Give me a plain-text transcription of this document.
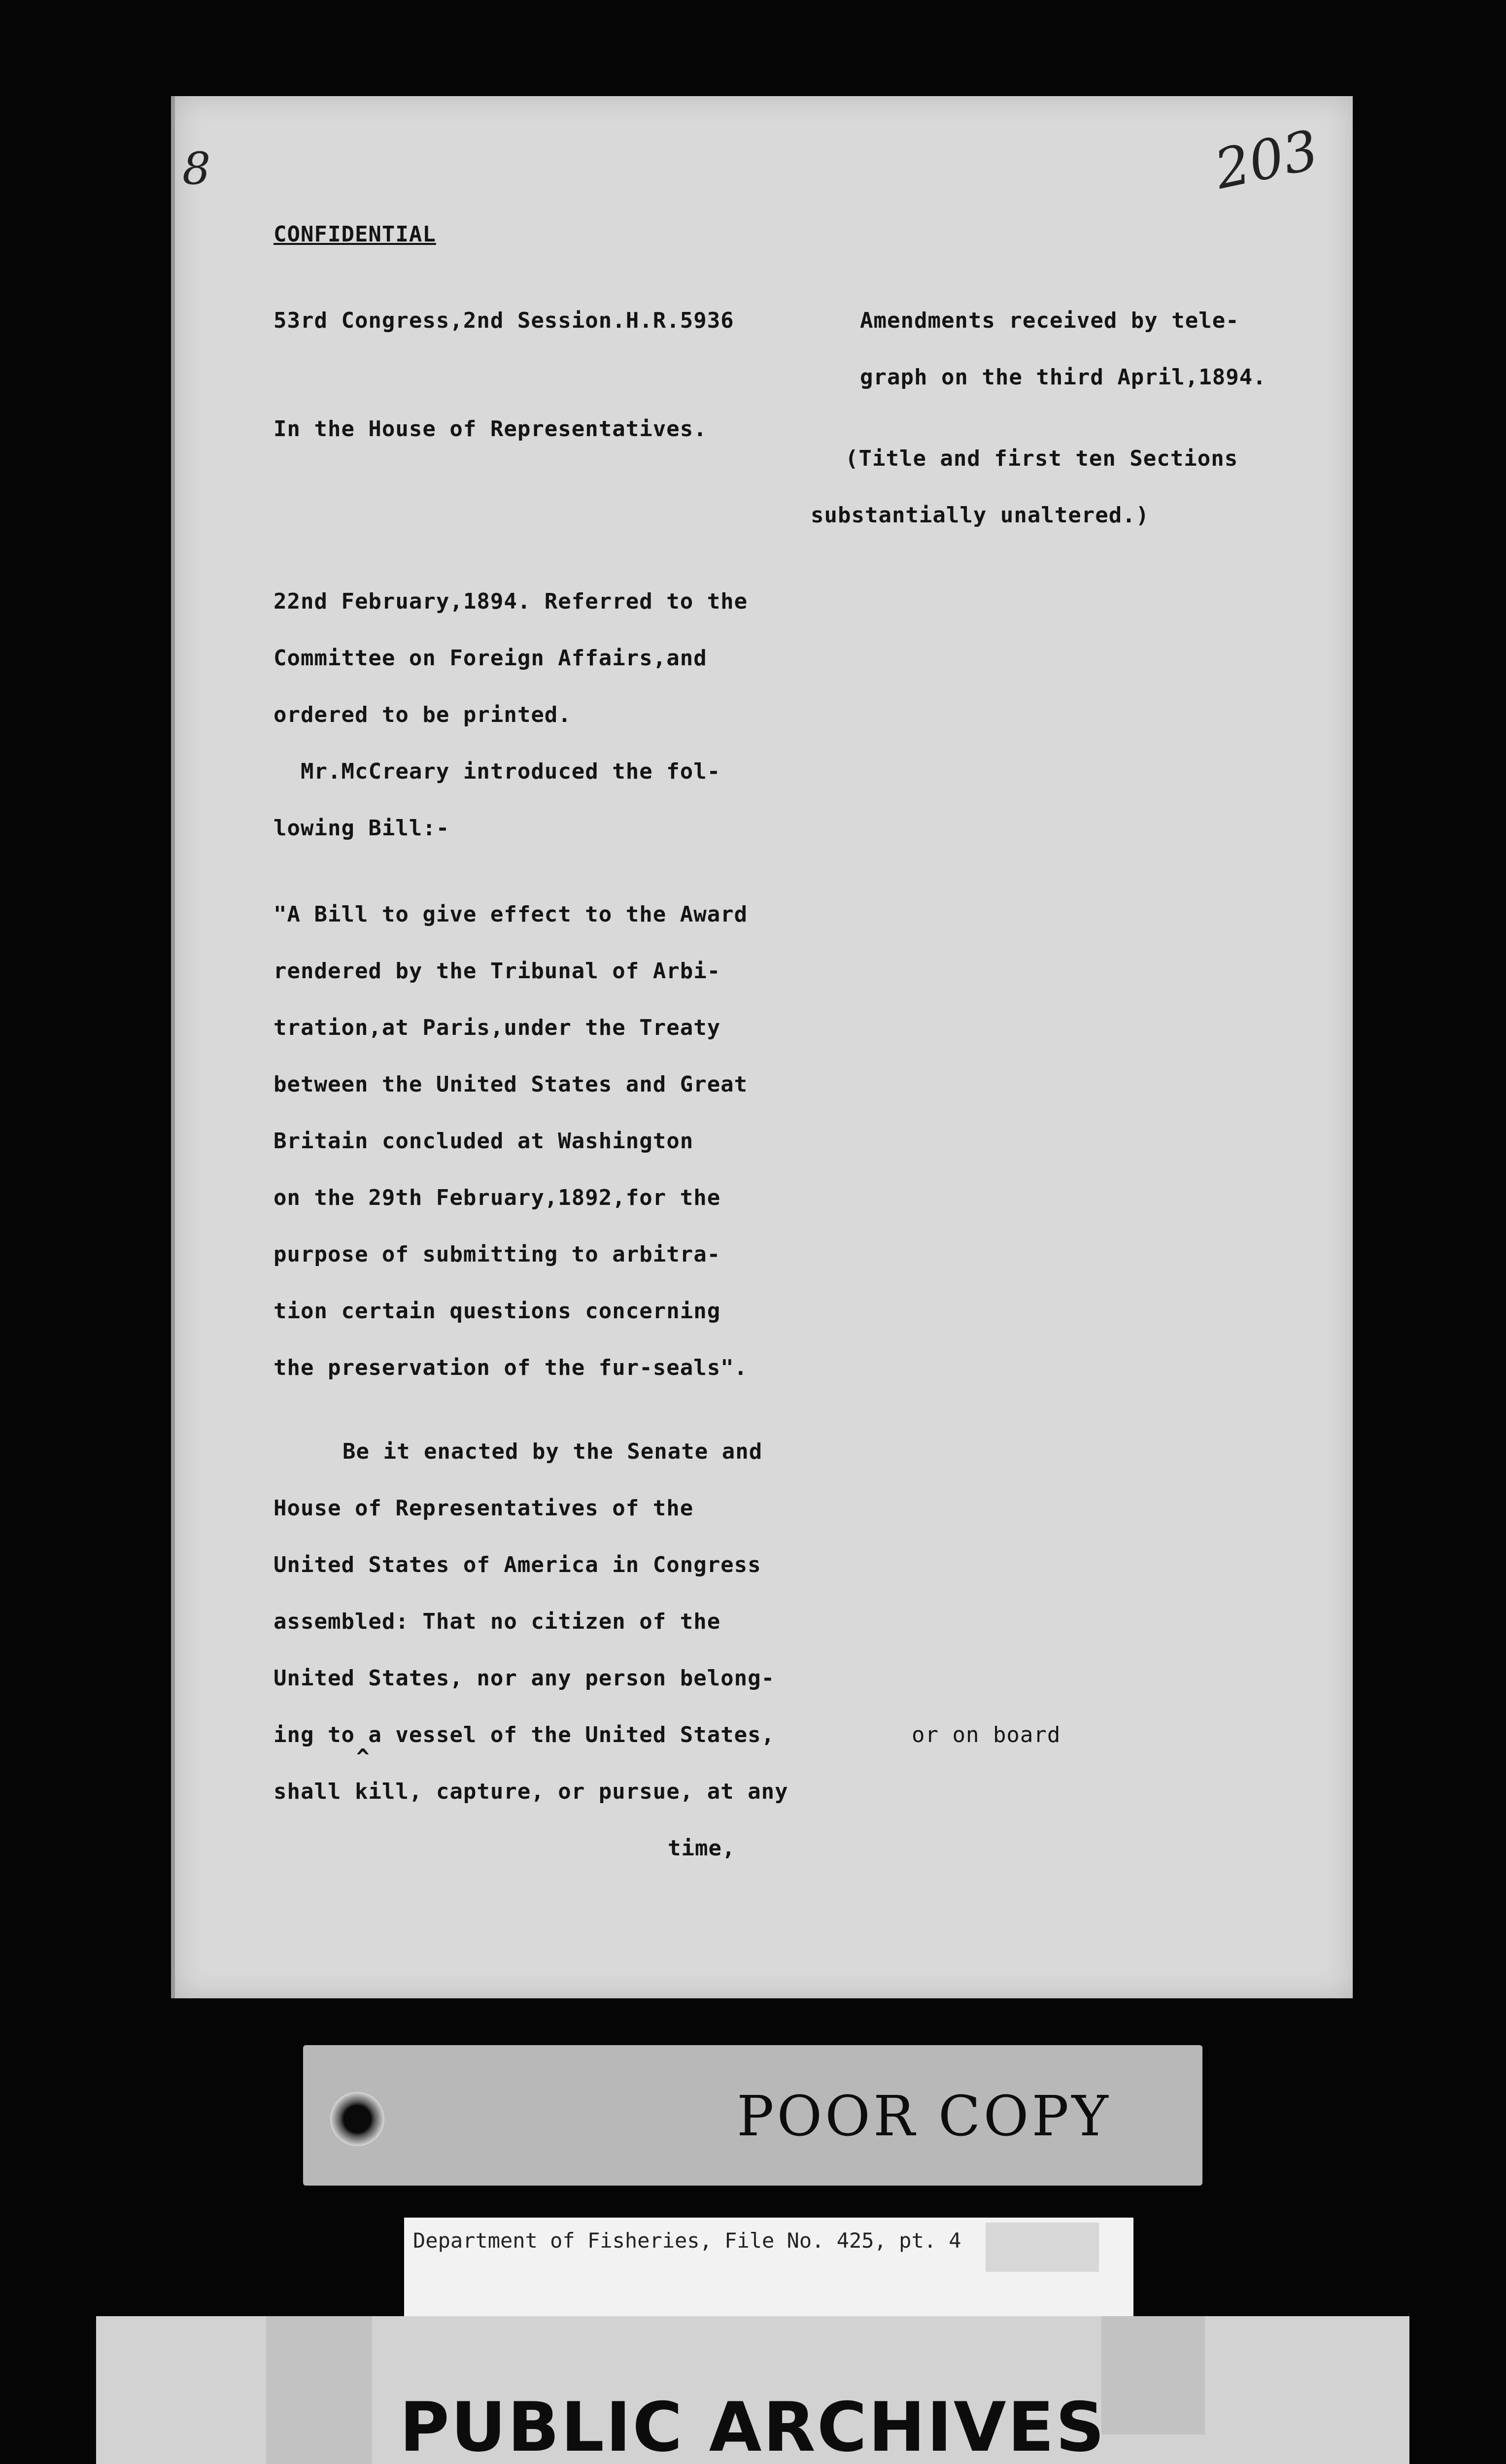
8	203
CONFIDENTIAL
53rd Congress,2nd Session.H.R.5936
In the House of Representatives.
22nd February,1894. Referred to the
Committee on Foreign Affairs,and
ordered to be printed.
Mr.McCreary introduced the fol-
lowing Bill:-
"A Bill to give effect to the Award
rendered by the Tribunal of Arbi-
tration,at Paris,under the Treaty
between the United States and Great
Britain concluded at Washington
on the 29th February,1892,for the
purpose of submitting to arbitra-
tion certain questions concerning
the preservation of the fur-seals".
Be it enacted by the Senate and
House of Representatives of the
United States of America in Congress
assembled: That no citizen of the
United States, nor any person belong-
ing to a vessel of the United States,
^
shall kill, capture, or pursue, at any
time,
Amendments received by tele-
graph on the third April,1894.
(Title and first ten Sections
substantially unaltered.)
or on board
POOR COPY
Department of Fisheries, File No. 425, pt. 4
PUBLIC ARCHIVES
